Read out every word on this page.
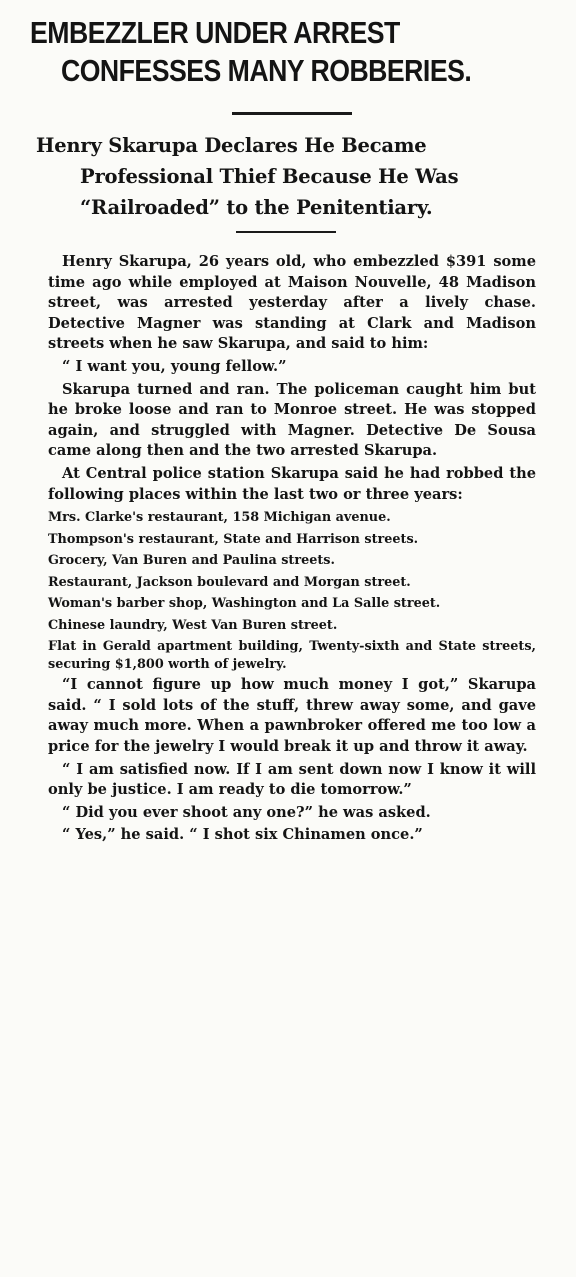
EMBEZZLER UNDER ARREST
CONFESSES MANY ROBBERIES.
Henry Skarupa Declares He Became
Professional Thief Because He Was
“Railroaded” to the Penitentiary.

Henry Skarupa, 26 years old, who embezzled $391 some time ago while employed at Maison Nouvelle, 48 Madison street, was arrested yesterday after a lively chase. Detective Magner was standing at Clark and Madison streets when he saw Skarupa, and said to him:

“ I want you, young fellow.”

Skarupa turned and ran. The policeman caught him but he broke loose and ran to Monroe street. He was stopped again, and struggled with Magner. Detective De Sousa came along then and the two arrested Skarupa.

At Central police station Skarupa said he had robbed the following places within the last two or three years:

Mrs. Clarke's restaurant, 158 Michigan avenue.

Thompson's restaurant, State and Harrison streets.

Grocery, Van Buren and Paulina streets.

Restaurant, Jackson boulevard and Morgan street.

Woman's barber shop, Washington and La Salle street.

Chinese laundry, West Van Buren street.

Flat in Gerald apartment building, Twenty-sixth and State streets, securing $1,800 worth of jewelry.

“I cannot figure up how much money I got,” Skarupa said. “ I sold lots of the stuff, threw away some, and gave away much more. When a pawnbroker offered me too low a price for the jewelry I would break it up and throw it away.

“ I am satisfied now. If I am sent down now I know it will only be justice. I am ready to die tomorrow.”

“ Did you ever shoot any one?” he was asked.

“ Yes,” he said. “ I shot six Chinamen once.”
